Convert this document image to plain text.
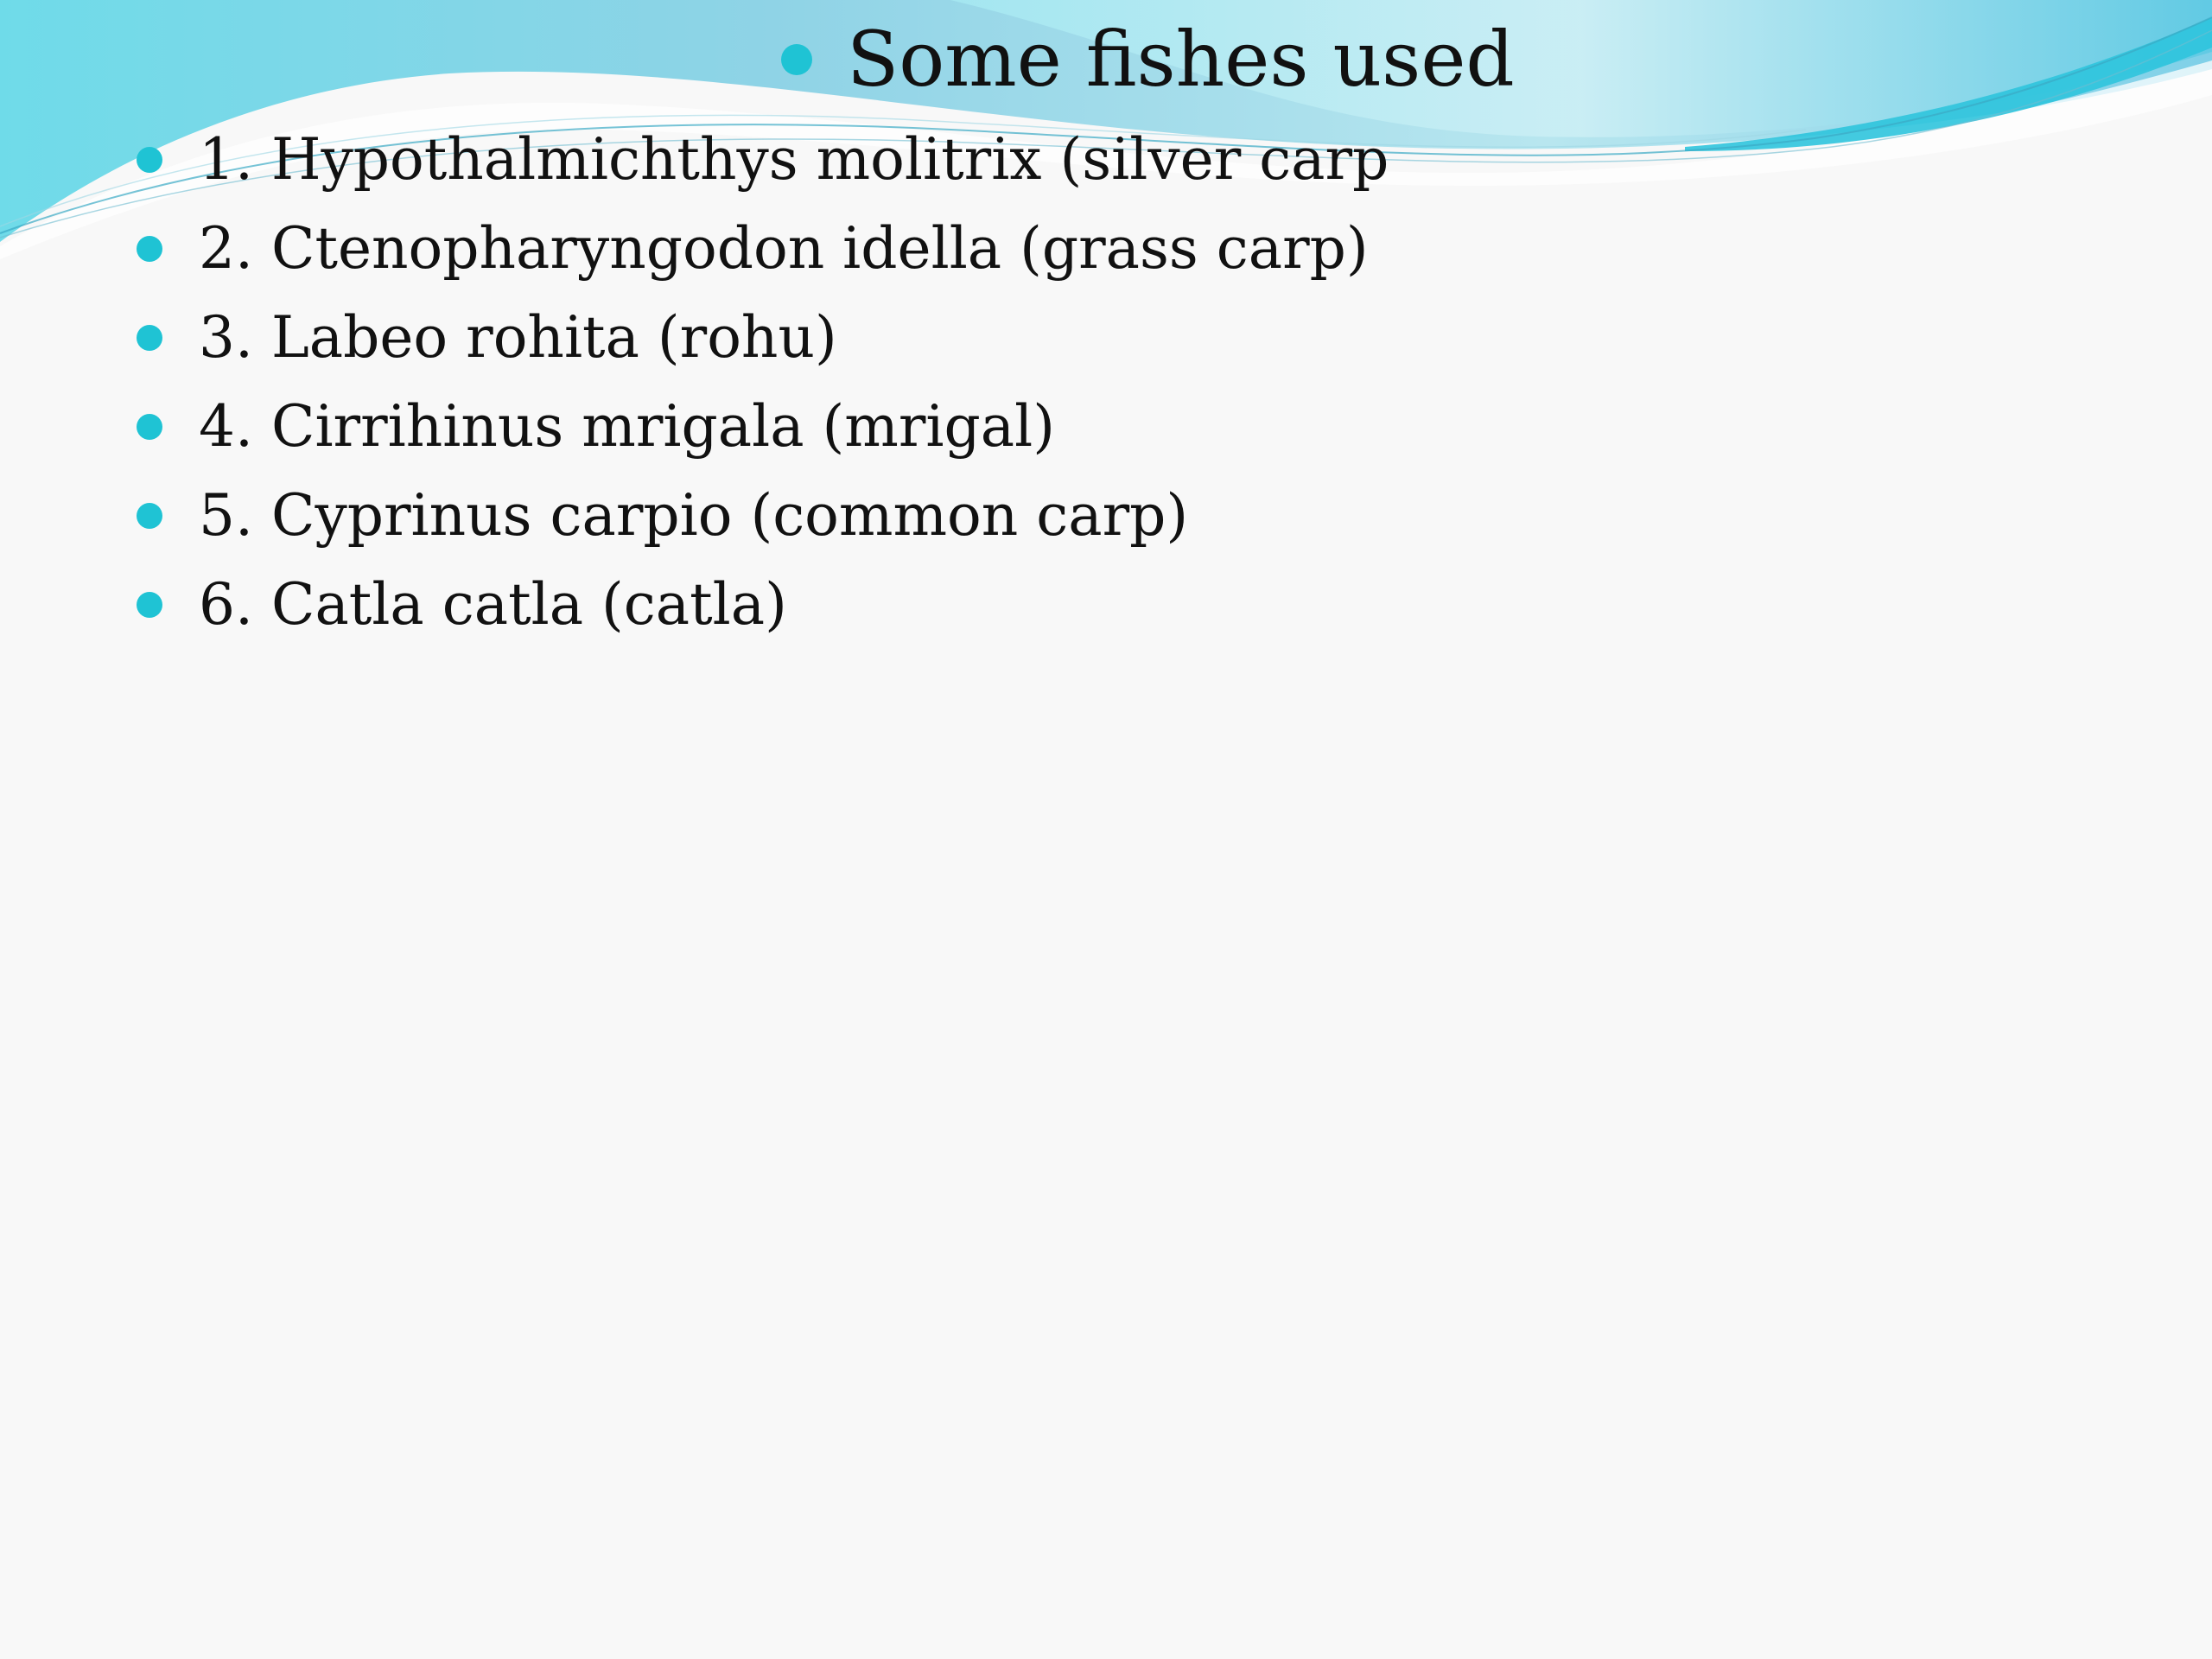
Some fishes used
1. Hypothalmichthys molitrix (silver carp
2. Ctenopharyngodon idella (grass carp)
3. Labeo rohita (rohu)
4. Cirrihinus mrigala (mrigal)
5. Cyprinus carpio (common carp)
6. Catla catla (catla)
